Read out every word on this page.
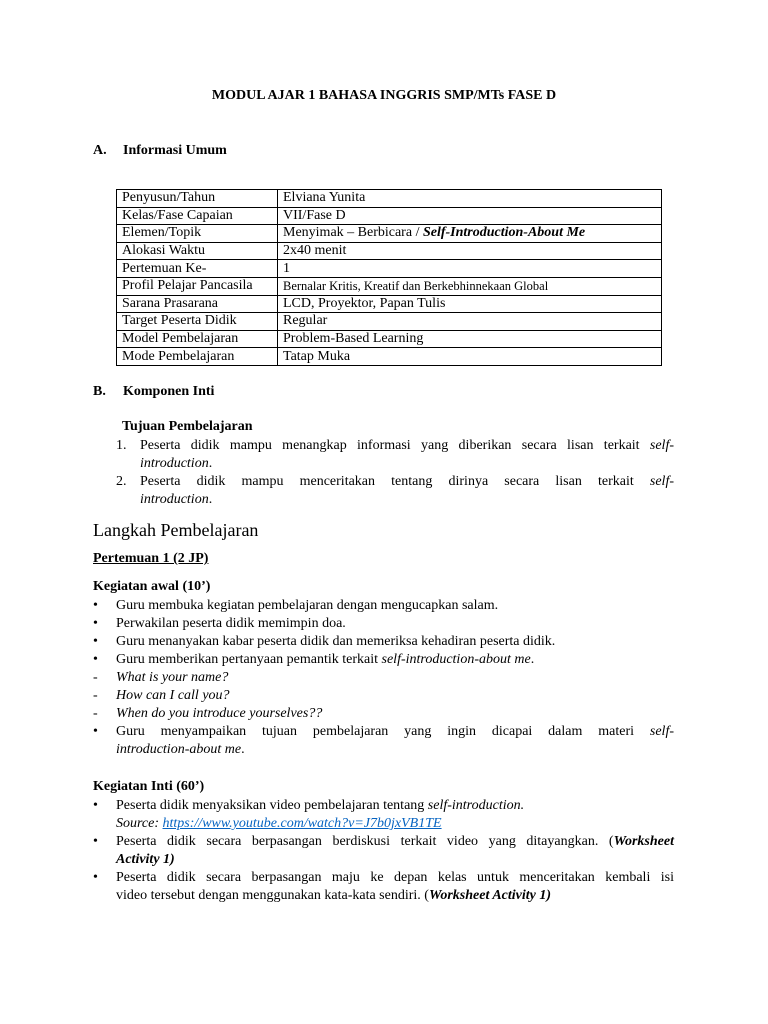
MODUL AJAR 1 BAHASA INGGRIS SMP/MTs FASE D
A. Informasi Umum
Penyusun/Tahun	Elviana Yunita
Kelas/Fase Capaian	VII/Fase D
Elemen/Topik	Menyimak – Berbicara / Self-Introduction-About Me
Alokasi Waktu	2x40 menit
Pertemuan Ke-	1
Profil Pelajar Pancasila	Bernalar Kritis, Kreatif dan Berkebhinnekaan Global
Sarana Prasarana	LCD, Proyektor, Papan Tulis
Target Peserta Didik	Regular
Model Pembelajaran	Problem-Based Learning
Mode Pembelajaran	Tatap Muka
B. Komponen Inti
Tujuan Pembelajaran
1. Peserta didik mampu menangkap informasi yang diberikan secara lisan terkait self-
introduction.
2. Peserta didik mampu menceritakan tentang dirinya secara lisan terkait self-
introduction.
Langkah Pembelajaran
Pertemuan 1 (2 JP)
Kegiatan awal (10’)
•	Guru membuka kegiatan pembelajaran dengan mengucapkan salam.
•	Perwakilan peserta didik memimpin doa.
•	Guru menanyakan kabar peserta didik dan memeriksa kehadiran peserta didik.
•	Guru memberikan pertanyaan pemantik terkait self-introduction-about me.
-	What is your name?
-	How can I call you?
-	When do you introduce yourselves??
•	Guru menyampaikan tujuan pembelajaran yang ingin dicapai dalam materi self-
introduction-about me.
Kegiatan Inti (60’)
•	Peserta didik menyaksikan video pembelajaran tentang self-introduction.
Source: https://www.youtube.com/watch?v=J7b0jxVB1TE
•	Peserta didik secara berpasangan berdiskusi terkait video yang ditayangkan. (Worksheet
Activity 1)
•	Peserta didik secara berpasangan maju ke depan kelas untuk menceritakan kembali isi
video tersebut dengan menggunakan kata-kata sendiri. (Worksheet Activity 1)
